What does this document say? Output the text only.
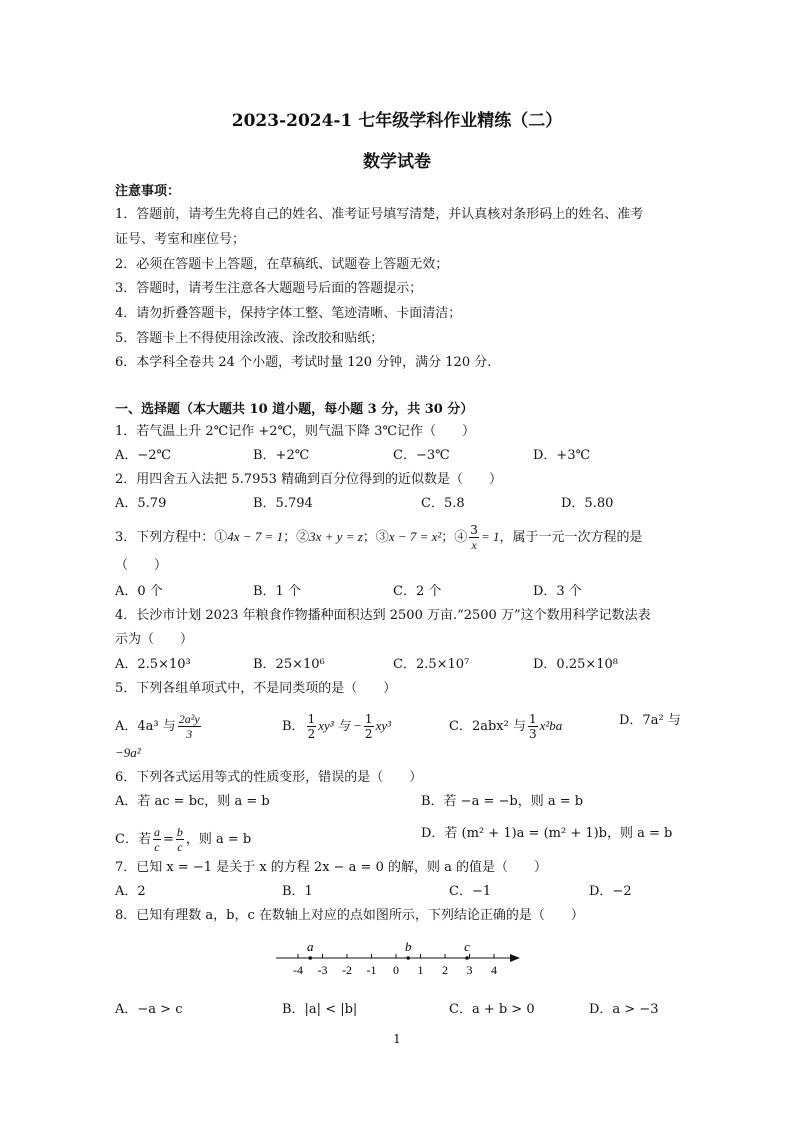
2023-2024-1 七年级学科作业精练（二）
数学试卷
注意事项：
1．答题前，请考生先将自己的姓名、准考证号填写清楚，并认真核对条形码上的姓名、准考
证号、考室和座位号；
2．必须在答题卡上答题，在草稿纸、试题卷上答题无效；
3．答题时，请考生注意各大题题号后面的答题提示；
4．请勿折叠答题卡，保持字体工整、笔迹清晰、卡面清洁；
5．答题卡上不得使用涂改液、涂改胶和贴纸；
6．本学科全卷共 24 个小题，考试时量 120 分钟，满分 120 分.
一、选择题（本大题共 10 道小题，每小题 3 分，共 30 分）
1．若气温上升 2℃记作 +2℃，则气温下降 3℃记作（　　）
A．−2℃	B．+2℃	C．−3℃	D．+3℃
2．用四舍五入法把 5.7953 精确到百分位得到的近似数是（　　）
A．5.79	B．5.794	C．5.8	D．5.80
3．下列方程中：①4x − 7 = 1；②3x + y = z；③x − 7 = x²；④ $\frac{3}{x} = 1$，属于一元一次方程的是
（　　）
A．0 个	B．1 个	C．2 个	D．3 个
4．长沙市计划 2023 年粮食作物播种面积达到 2500 万亩.“2500 万”这个数用科学记数法表
示为（　　）
A．2.5×10³	B．25×10⁶	C．2.5×10⁷	D．0.25×10⁸
5．下列各组单项式中，不是同类项的是（　　）
A．4a³ 与 $\frac{\text{2a²y}}{3}$	B． $\frac{1}{2} xy^3$ 与 − $\frac{1}{2} xy^3$	C．2abx² 与 $\frac{1}{3} x^2ba$	D．7a² 与
−9a²
6．下列各式运用等式的性质变形，错误的是（　　）
A．若 ac = bc，则 a = b	B．若 −a = −b，则 a = b
C．若 $\frac{a}{c} = \frac{b}{c}$ ，则 a = b	D．若 (m² + 1)a = (m² + 1)b，则 a = b
7．已知 x = −1 是关于 x 的方程 2x − a = 0 的解，则 a 的值是（　　）
A．2	B．1	C．−1	D．−2
8．已知有理数 a，b，c 在数轴上对应的点如图所示，下列结论正确的是（　　）
-4 -3 -2 -1 0 1 2 3 4
a	b	c
A．−a > c	B．|a| < |b|	C．a + b > 0	D．a > −3
1
